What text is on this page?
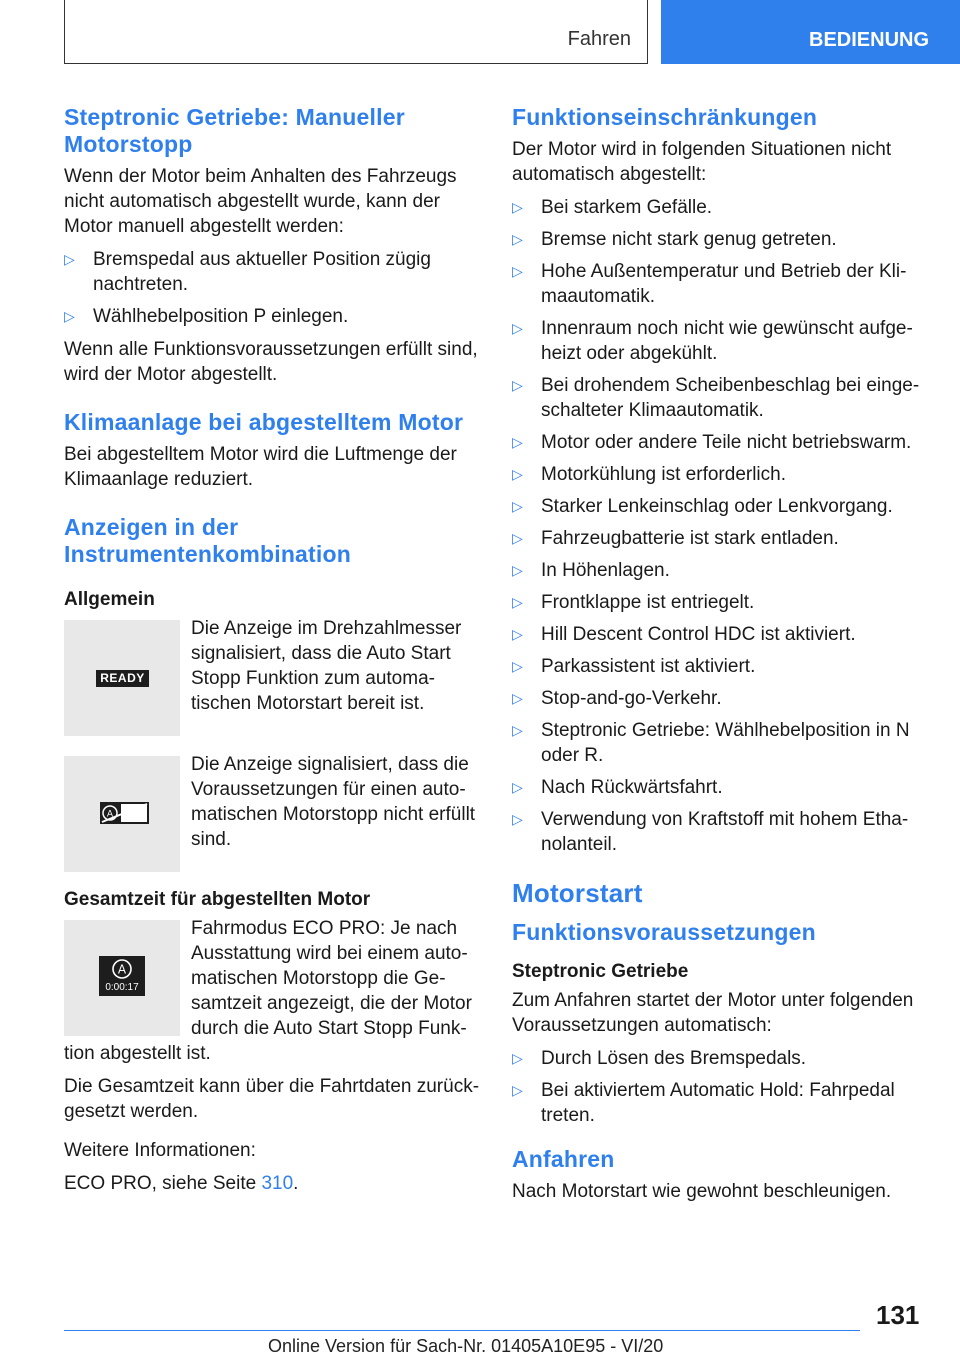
Fahren	BEDIENUNG
Steptronic Getriebe: Manueller Motorstopp

Wenn der Motor beim Anhalten des Fahrzeugs nicht automatisch abgestellt wurde, kann der Motor manuell abgestellt werden:

▷ Bremspedal aus aktueller Position zügig nachtreten.
▷ Wählhebelposition P einlegen.

Wenn alle Funktionsvoraussetzungen erfüllt sind, wird der Motor abgestellt.

Klimaanlage bei abgestelltem Motor

Bei abgestelltem Motor wird die Luftmenge der Klimaanlage reduziert.

Anzeigen in der Instrumentenkombination
Allgemein
READY
Die Anzeige im Drehzahlmesser signalisiert, dass die Auto Start Stopp Funktion zum automatischen Motorstart bereit ist.
A
Die Anzeige signalisiert, dass die Voraussetzungen für einen automatischen Motorstopp nicht erfüllt sind.
Gesamtzeit für abgestellten Motor
A
0:00:17
Fahrmodus ECO PRO: Je nach Ausstattung wird bei einem automatischen Motorstopp die Gesamtzeit angezeigt, die der Motor durch die Auto Start Stopp Funktion abgestellt ist.

Die Gesamtzeit kann über die Fahrtdaten zurückgesetzt werden.

Weitere Informationen:

ECO PRO, siehe Seite 310.

Funktionseinschränkungen

Der Motor wird in folgenden Situationen nicht automatisch abgestellt:

▷ Bei starkem Gefälle.
▷ Bremse nicht stark genug getreten.
▷ Hohe Außentemperatur und Betrieb der Klimaautomatik.
▷ Innenraum noch nicht wie gewünscht aufgeheizt oder abgekühlt.
▷ Bei drohendem Scheibenbeschlag bei eingeschalteter Klimaautomatik.
▷ Motor oder andere Teile nicht betriebswarm.
▷ Motorkühlung ist erforderlich.
▷ Starker Lenkeinschlag oder Lenkvorgang.
▷ Fahrzeugbatterie ist stark entladen.
▷ In Höhenlagen.
▷ Frontklappe ist entriegelt.
▷ Hill Descent Control HDC ist aktiviert.
▷ Parkassistent ist aktiviert.
▷ Stop-and-go-Verkehr.
▷ Steptronic Getriebe: Wählhebelposition in N oder R.
▷ Nach Rückwärtsfahrt.
▷ Verwendung von Kraftstoff mit hohem Ethanolanteil.
Motorstart
Funktionsvoraussetzungen
Steptronic Getriebe

Zum Anfahren startet der Motor unter folgenden Voraussetzungen automatisch:

▷ Durch Lösen des Bremspedals.
▷ Bei aktiviertem Automatic Hold: Fahrpedal treten.
Anfahren

Nach Motorstart wie gewohnt beschleunigen.

131
Online Version für Sach-Nr. 01405A10E95 - VI/20
